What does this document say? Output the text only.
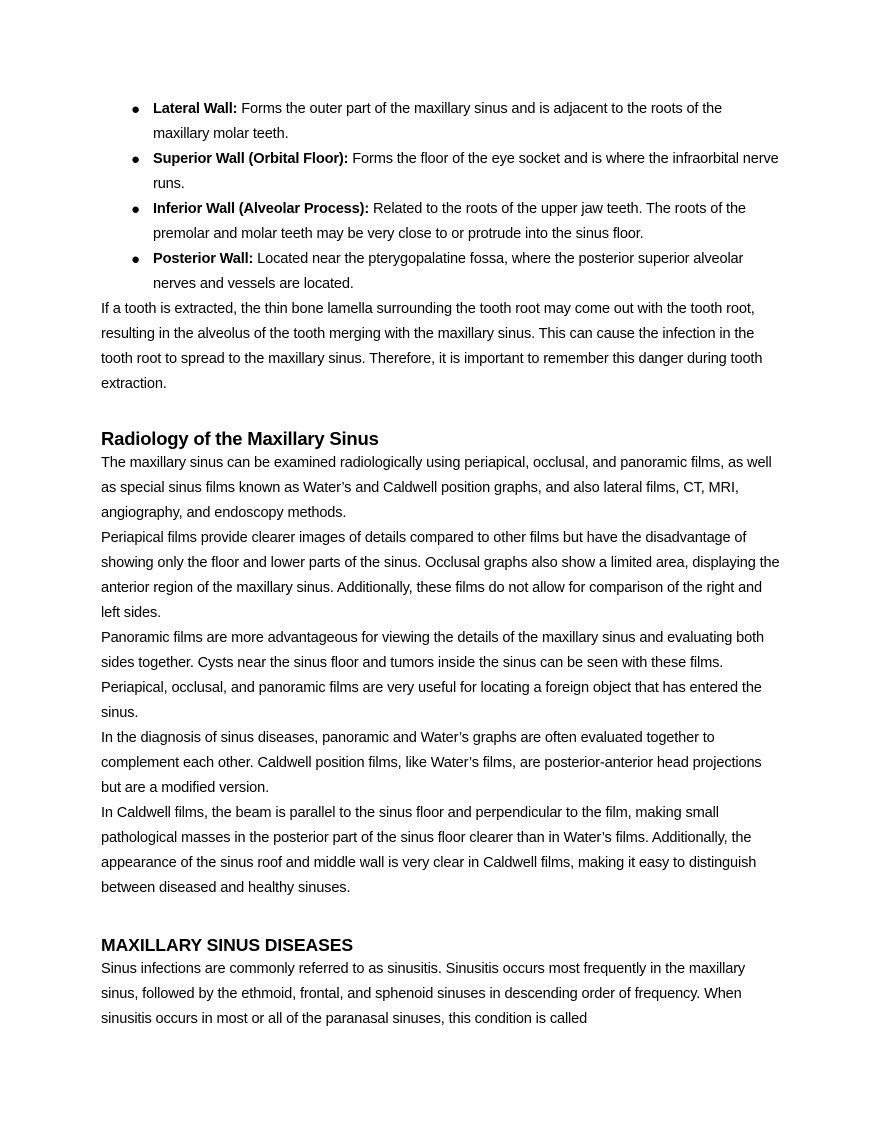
● Lateral Wall: Forms the outer part of the maxillary sinus and is adjacent to the roots of the maxillary molar teeth.
● Superior Wall (Orbital Floor): Forms the floor of the eye socket and is where the infraorbital nerve runs.
● Inferior Wall (Alveolar Process): Related to the roots of the upper jaw teeth. The roots of the premolar and molar teeth may be very close to or protrude into the sinus floor.
● Posterior Wall: Located near the pterygopalatine fossa, where the posterior superior alveolar nerves and vessels are located.

If a tooth is extracted, the thin bone lamella surrounding the tooth root may come out with the tooth root, resulting in the alveolus of the tooth merging with the maxillary sinus. This can cause the infection in the tooth root to spread to the maxillary sinus. Therefore, it is important to remember this danger during tooth extraction.

Radiology of the Maxillary Sinus

The maxillary sinus can be examined radiologically using periapical, occlusal, and panoramic films, as well as special sinus films known as Water’s and Caldwell position graphs, and also lateral films, CT, MRI, angiography, and endoscopy methods.

Periapical films provide clearer images of details compared to other films but have the disadvantage of showing only the floor and lower parts of the sinus. Occlusal graphs also show a limited area, displaying the anterior region of the maxillary sinus. Additionally, these films do not allow for comparison of the right and left sides.

Panoramic films are more advantageous for viewing the details of the maxillary sinus and evaluating both sides together. Cysts near the sinus floor and tumors inside the sinus can be seen with these films. Periapical, occlusal, and panoramic films are very useful for locating a foreign object that has entered the sinus.

In the diagnosis of sinus diseases, panoramic and Water’s graphs are often evaluated together to complement each other. Caldwell position films, like Water’s films, are posterior-anterior head projections but are a modified version.

In Caldwell films, the beam is parallel to the sinus floor and perpendicular to the film, making small pathological masses in the posterior part of the sinus floor clearer than in Water’s films. Additionally, the appearance of the sinus roof and middle wall is very clear in Caldwell films, making it easy to distinguish between diseased and healthy sinuses.

MAXILLARY SINUS DISEASES

Sinus infections are commonly referred to as sinusitis. Sinusitis occurs most frequently in the maxillary sinus, followed by the ethmoid, frontal, and sphenoid sinuses in descending order of frequency. When sinusitis occurs in most or all of the paranasal sinuses, this condition is called
